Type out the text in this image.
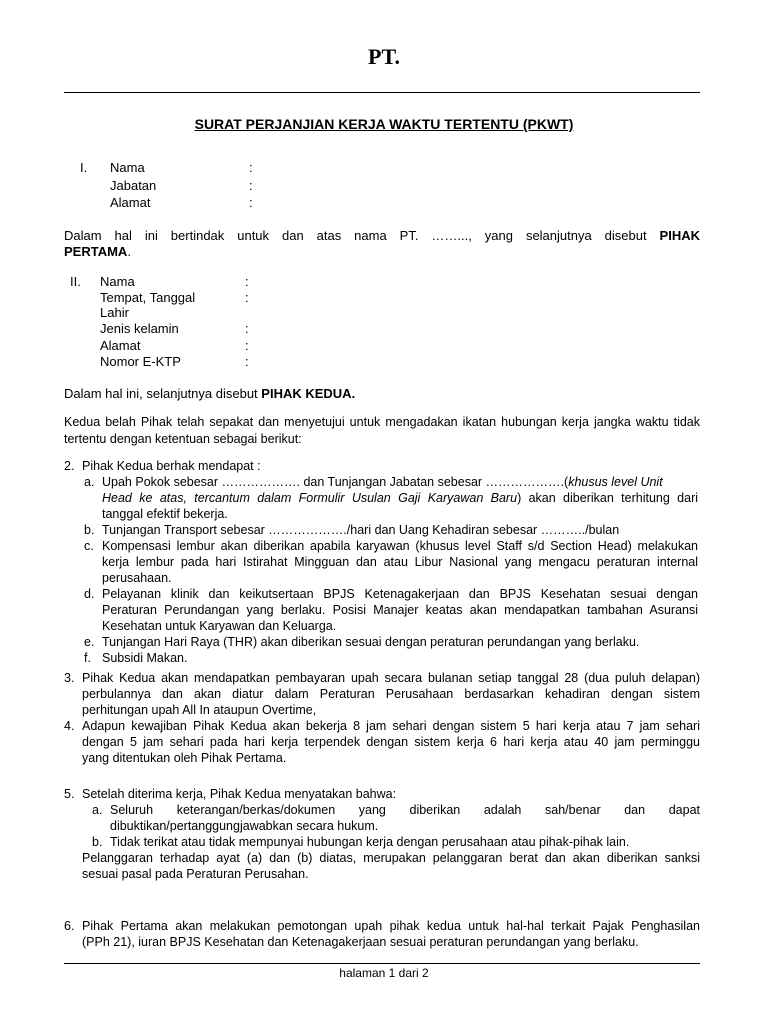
PT.
SURAT PERJANJIAN KERJA WAKTU TERTENTU (PKWT)
I. Nama	:
Jabatan	:
Alamat	:
Dalam hal ini bertindak untuk dan atas nama PT. ……..., yang selanjutnya disebut PIHAK
PERTAMA.
II. Nama	:
Tempat, Tanggal	:
Lahir
Jenis kelamin	:
Alamat	:
Nomor E-KTP	:
Dalam hal ini, selanjutnya disebut PIHAK KEDUA.
Kedua belah Pihak telah sepakat dan menyetujui untuk mengadakan ikatan hubungan kerja jangka waktu tidak
tertentu dengan ketentuan sebagai berikut:
2. Pihak Kedua berhak mendapat :
a. Upah Pokok sebesar ………………. dan Tunjangan Jabatan sebesar ……………….(khusus level Unit
Head ke atas, tercantum dalam Formulir Usulan Gaji Karyawan Baru) akan diberikan terhitung dari
tanggal efektif bekerja.
b. Tunjangan Transport sebesar ………………./hari dan Uang Kehadiran sebesar ………../bulan
c. Kompensasi lembur akan diberikan apabila karyawan (khusus level Staff s/d Section Head) melakukan
kerja lembur pada hari Istirahat Mingguan dan atau Libur Nasional yang mengacu peraturan internal
perusahaan.
d. Pelayanan klinik dan keikutsertaan BPJS Ketenagakerjaan dan BPJS Kesehatan sesuai dengan
Peraturan Perundangan yang berlaku. Posisi Manajer keatas akan mendapatkan tambahan Asuransi
Kesehatan untuk Karyawan dan Keluarga.
e. Tunjangan Hari Raya (THR) akan diberikan sesuai dengan peraturan perundangan yang berlaku.
f. Subsidi Makan.
3. Pihak Kedua akan mendapatkan pembayaran upah secara bulanan setiap tanggal 28 (dua puluh delapan)
perbulannya dan akan diatur dalam Peraturan Perusahaan berdasarkan kehadiran dengan sistem
perhitungan upah All In ataupun Overtime,
4. Adapun kewajiban Pihak Kedua akan bekerja 8 jam sehari dengan sistem 5 hari kerja atau 7 jam sehari
dengan 5 jam sehari pada hari kerja terpendek dengan sistem kerja 6 hari kerja atau 40 jam perminggu
yang ditentukan oleh Pihak Pertama.
5. Setelah diterima kerja, Pihak Kedua menyatakan bahwa:
a. Seluruh keterangan/berkas/dokumen yang diberikan adalah sah/benar dan dapat
dibuktikan/pertanggungjawabkan secara hukum.
b. Tidak terikat atau tidak mempunyai hubungan kerja dengan perusahaan atau pihak-pihak lain.
Pelanggaran terhadap ayat (a) dan (b) diatas, merupakan pelanggaran berat dan akan diberikan sanksi
sesuai pasal pada Peraturan Perusahan.
6. Pihak Pertama akan melakukan pemotongan upah pihak kedua untuk hal-hal terkait Pajak Penghasilan
(PPh 21), iuran BPJS Kesehatan dan Ketenagakerjaan sesuai peraturan perundangan yang berlaku.
halaman 1 dari 2
